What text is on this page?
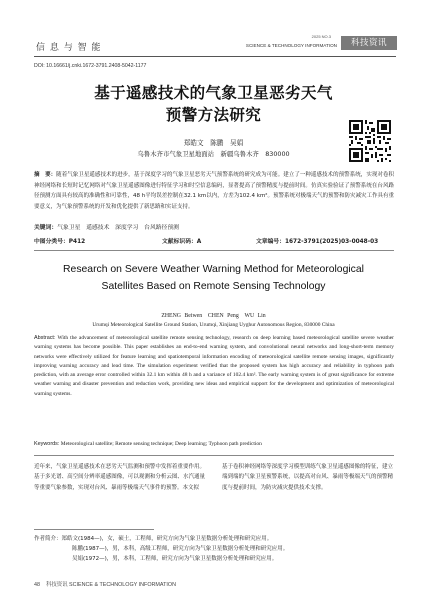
信 息 与 智 能
2025 NO.3
SCIENCE & TECHNOLOGY INFORMATION	科技资讯
DOI: 10.16661/j.cnki.1672-3791.2408-5042-1177
基于遥感技术的气象卫星恶劣天气
预警方法研究
郑皓文　陈鹏　吴娟
乌鲁木齐市气象卫星地面站　新疆乌鲁木齐　830000
摘　要：随着气象卫星遥感技术的进步，基于深度学习的气象卫星恶劣天气预警系统的研究成为可能。建立了一种遥感技术的预警系统，实现对卷积神经网络和长短时记忆网络对气象卫星遥感图像进行特征学习和时空信息编码，显著提高了预警精度与提前时间。仿真实验验证了预警系统在台风路径预测方面具有较高的准确性和可靠性，48 h平均误差控制在32.1 km以内，方差为102.4 km²。预警系统对极端天气的预警和防灾减灾工作具有重要意义，为气象预警系统的开发和优化提供了新思路和实证支持。
关键词：气象卫星　遥感技术　深度学习　台风路径预测
中图分类号：P412	文献标识码：A	文章编号：1672-3791(2025)03-0048-03
Research on Severe Weather Warning Method for Meteorological
Satellites Based on Remote Sensing Technology
ZHENG Beiwen　CHEN Peng　WU Lin
Urumqi Meteorological Satellite Ground Station, Urumqi, Xinjiang Uyghur Autonomous Region, 830000 China
Abstract: With the advancement of meteorological satellite remote sensing technology, research on deep learning based meteorological satellite severe weather warning systems has become possible. This paper establishes an end-to-end warning system, and convolutional neural networks and long-short-term memory networks were effectively utilized for feature learning and spatiotemporal information encoding of meteorological satellite remote sensing images, significantly improving warning accuracy and lead time. The simulation experiment verified that the proposed system has high accuracy and reliability in typhoon path prediction, with an average error controlled within 32.1 km within 48 h and a variance of 102.4 km². The early warning system is of great significance for extreme weather warning and disaster prevention and reduction work, providing new ideas and empirical support for the development and optimization of meteorological warning systems.
Keywords: Meteorological satellite; Remote sensing technique; Deep learning; Typhoon path prediction
近年来，气象卫星遥感技术在恶劣天气监测和预警中发挥着重要作用。基于多光谱、高空间分辨率遥感图像，可以观测和分析云图、水汽通量等重要气象参数，实现对台风、暴雨等极端天气事件的预警。本文拟
基于卷积神经网络等深度学习模型训练气象卫星遥感图像的特征，建立端到端的气象卫星预警系统，以提高对台风、暴雨等极端天气的预警精度与提前时间，为防灾减灾提供技术支撑。
作者简介：郑皓文(1984—)，女，硕士，工程师，研究方向为气象卫星数据分析处理和研究应用。
陈鹏(1987—)，男，本科，高级工程师，研究方向为气象卫星数据分析处理和研究应用。
吴娟(1972—)，男，本科，工程师，研究方向为气象卫星数据分析处理和研究应用。
48 科技资讯 SCIENCE & TECHNOLOGY INFORMATION
